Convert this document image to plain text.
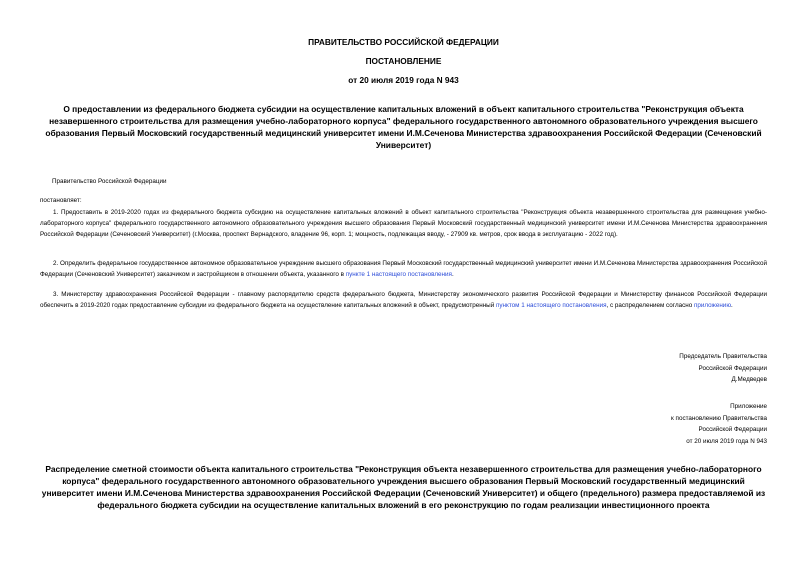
ПРАВИТЕЛЬСТВО РОССИЙСКОЙ ФЕДЕРАЦИИ
ПОСТАНОВЛЕНИЕ
от 20 июля 2019 года N 943
О предоставлении из федерального бюджета субсидии на осуществление капитальных вложений в объект капитального строительства "Реконструкция объекта незавершенного строительства для размещения учебно-лабораторного корпуса" федерального государственного автономного образовательного учреждения высшего образования Первый Московский государственный медицинский университет имени И.М.Сеченова Министерства здравоохранения Российской Федерации (Сеченовский Университет)
Правительство Российской Федерации
постановляет:
1. Предоставить в 2019-2020 годах из федерального бюджета субсидию на осуществление капитальных вложений в объект капитального строительства "Реконструкция объекта незавершенного строительства для размещения учебно-лабораторного корпуса" федерального государственного автономного образовательного учреждения высшего образования Первый Московский государственный медицинский университет имени И.М.Сеченова Министерства здравоохранения Российской Федерации (Сеченовский Университет) (г.Москва, проспект Вернадского, владение 96, корп. 1; мощность, подлежащая вводу, - 27909 кв. метров, срок ввода в эксплуатацию - 2022 год).
2. Определить федеральное государственное автономное образовательное учреждение высшего образования Первый Московский государственный медицинский университет имени И.М.Сеченова Министерства здравоохранения Российской Федерации (Сеченовский Университет) заказчиком и застройщиком в отношении объекта, указанного в пункте 1 настоящего постановления.
3. Министерству здравоохранения Российской Федерации - главному распорядителю средств федерального бюджета, Министерству экономического развития Российской Федерации и Министерству финансов Российской Федерации обеспечить в 2019-2020 годах предоставление субсидии из федерального бюджета на осуществление капитальных вложений в объект, предусмотренный пунктом 1 настоящего постановления, с распределением согласно приложению.
Председатель Правительства
Российской Федерации
Д.Медведев
Приложение
к постановлению Правительства
Российской Федерации
от 20 июля 2019 года N 943
Распределение сметной стоимости объекта капитального строительства "Реконструкция объекта незавершенного строительства для размещения учебно-лабораторного корпуса" федерального государственного автономного образовательного учреждения высшего образования Первый Московский государственный медицинский университет имени И.М.Сеченова Министерства здравоохранения Российской Федерации (Сеченовский Университет) и общего (предельного) размера предоставляемой из федерального бюджета субсидии на осуществление капитальных вложений в его реконструкцию по годам реализации инвестиционного проекта
